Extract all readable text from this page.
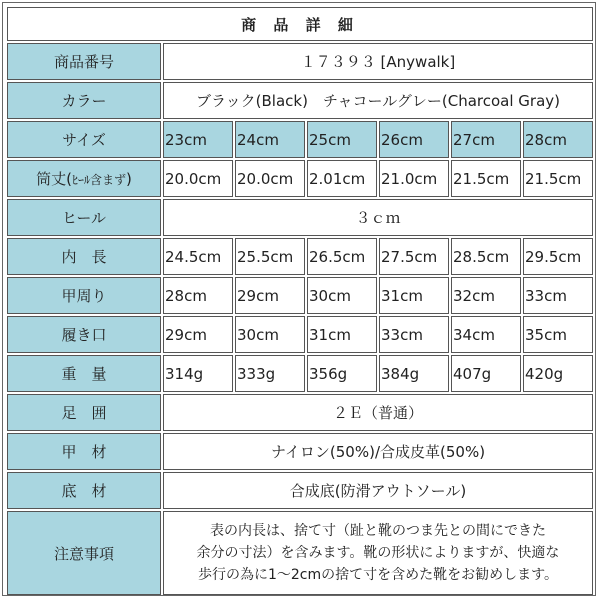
商 品 詳 細						
商品番号	１７３９３ [Anywalk]					
カラー	ブラック(Black)　チャコールグレー(Charcoal Gray)					
サイズ	23cm	24cm	25cm	26cm	27cm	28cm
筒丈(ﾋｰﾙ含まず)	20.0cm	20.0cm	2.01cm	21.0cm	21.5cm	21.5cm
ヒール	３ｃｍ					
内　長	24.5cm	25.5cm	26.5cm	27.5cm	28.5cm	29.5cm
甲周り	28cm	29cm	30cm	31cm	32cm	33cm
履き口	29cm	30cm	31cm	33cm	34cm	35cm
重　量	314g	333g	356g	384g	407g	420g
足　囲	２Ｅ（普通）					
甲　材	ナイロン(50%)/合成皮革(50%)					
底　材	合成底(防滑アウトソール)					
注意事項	表の内長は、捨て寸（趾と靴のつま先との間にできた
余分の寸法）を含みます。靴の形状によりますが、快適な
歩行の為に1～2cmの捨て寸を含めた靴をお勧めします。					
